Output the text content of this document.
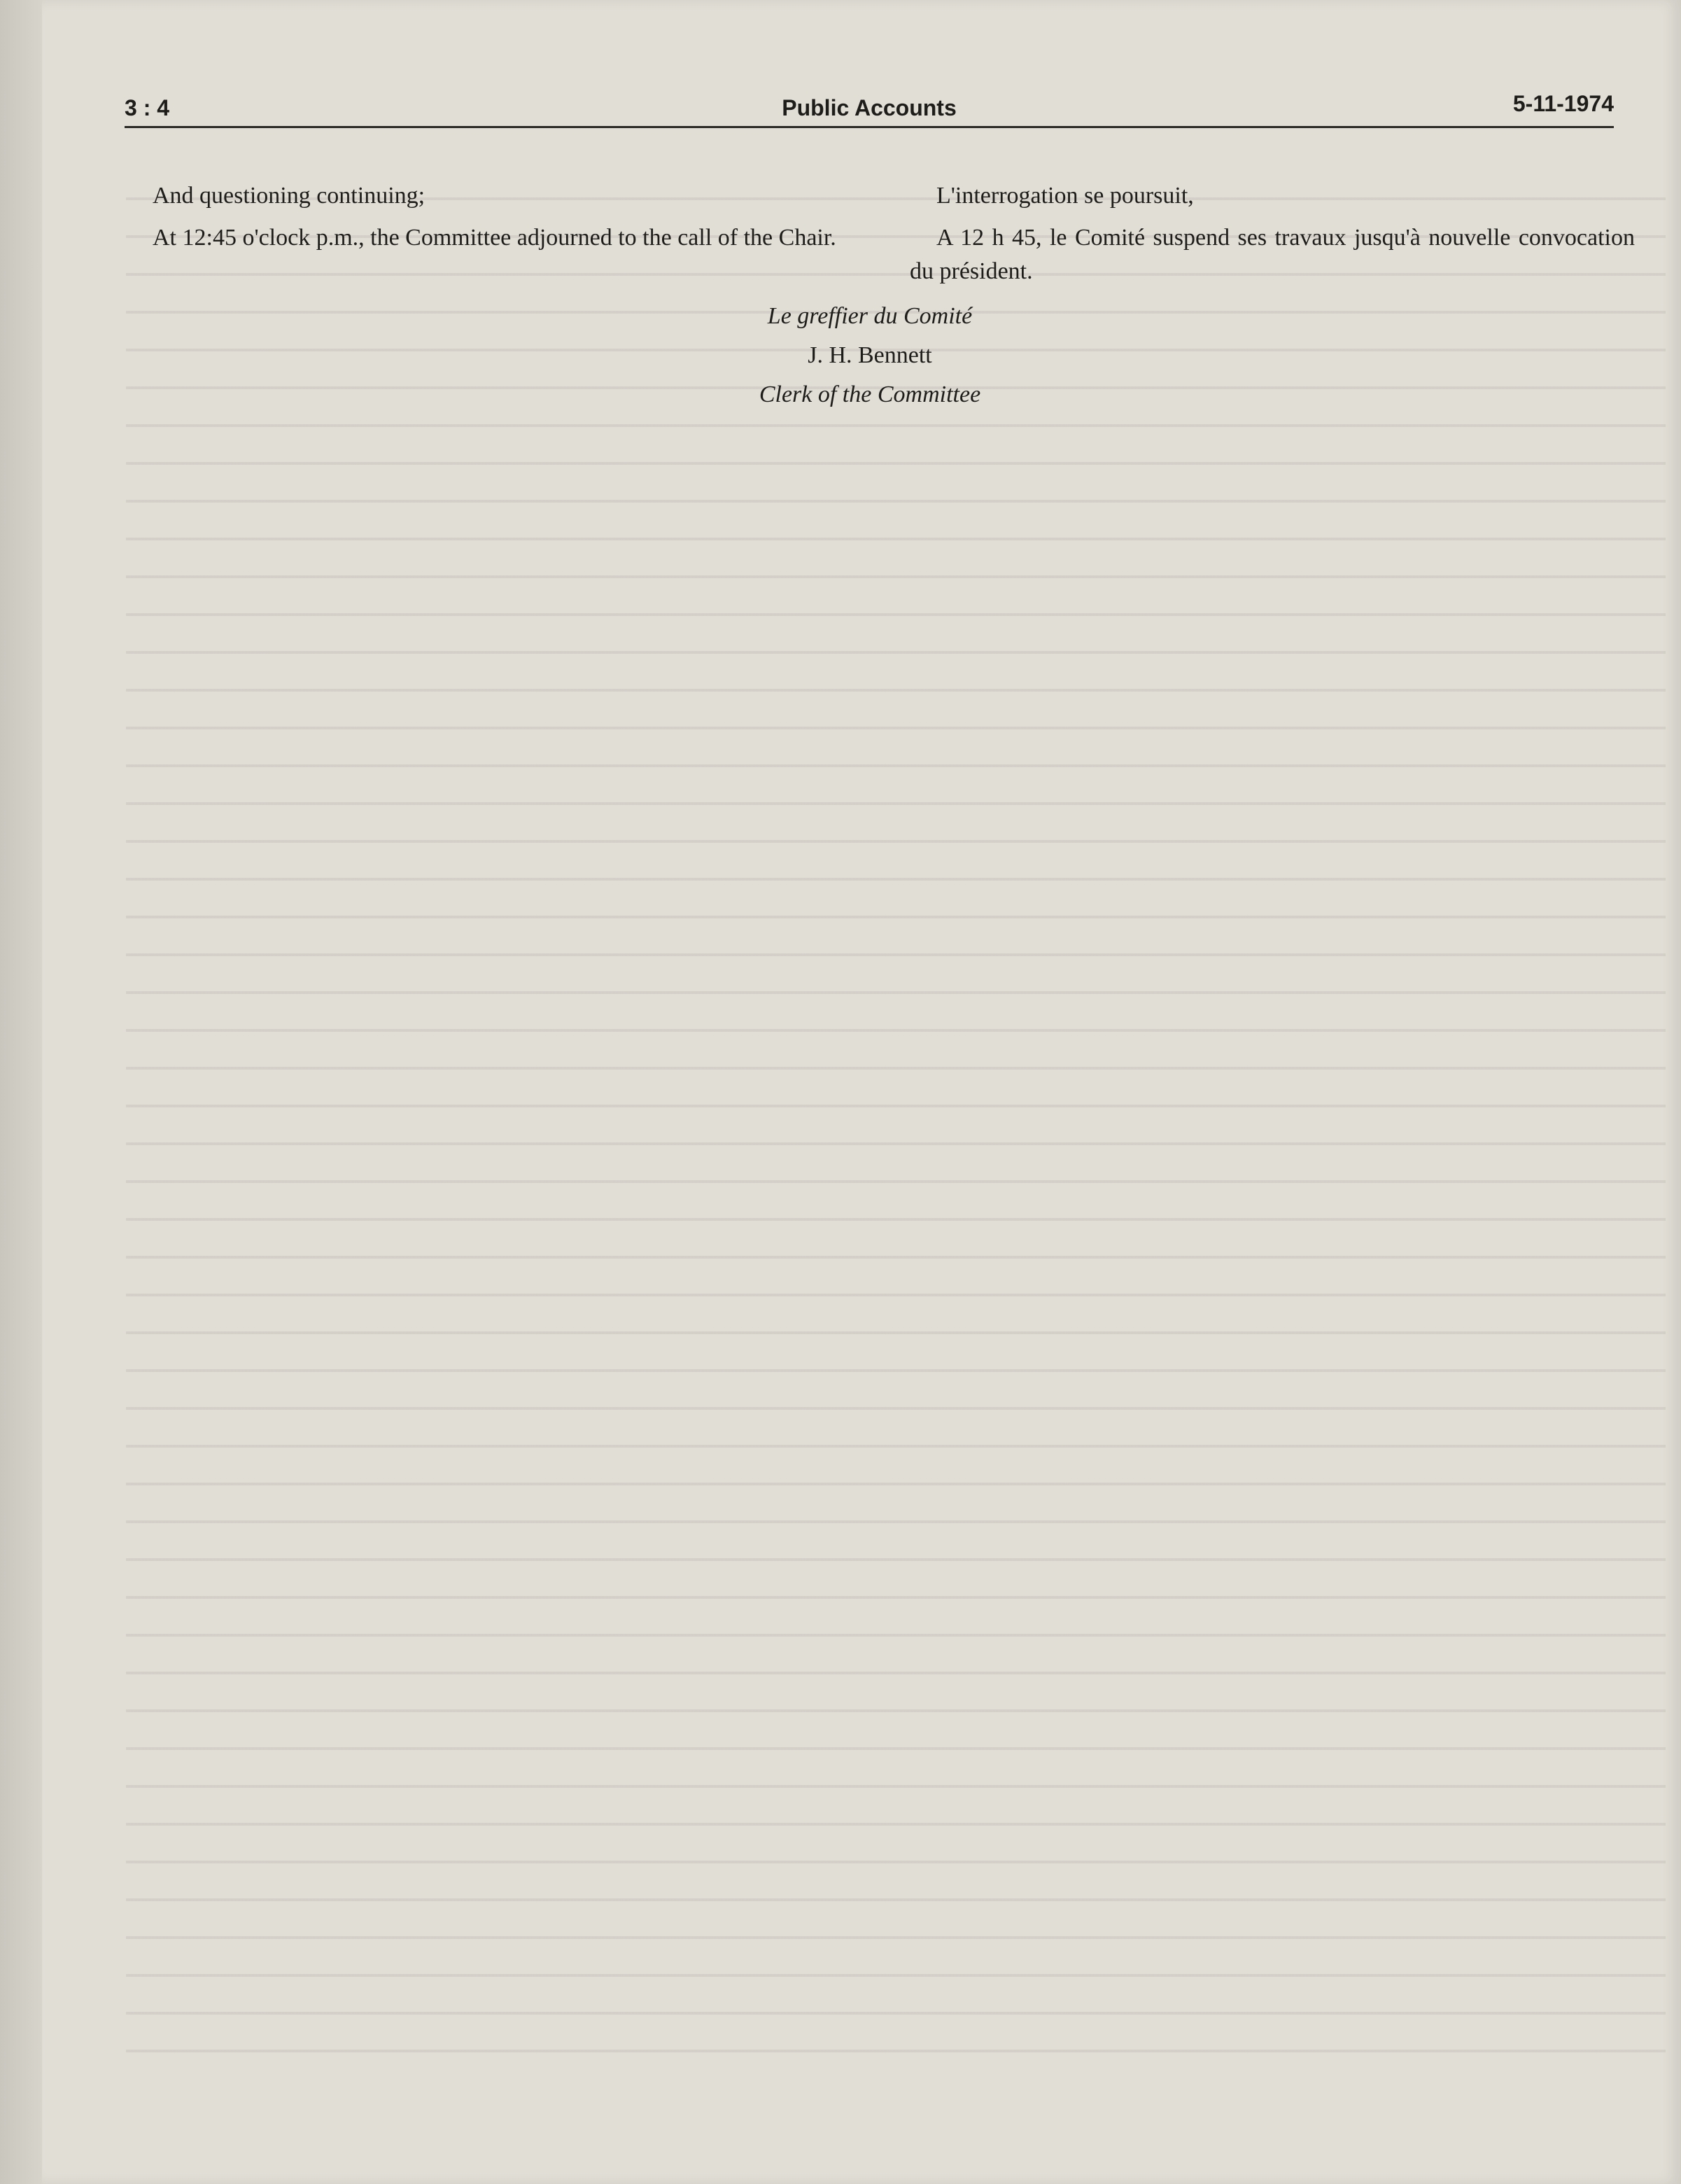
3 : 4	Public Accounts	5-11-1974

And questioning continuing;

At 12:45 o'clock p.m., the Committee adjourned to the call of the Chair.

L'interrogation se poursuit,

A 12 h 45, le Comité suspend ses travaux jusqu'à nouvelle convocation du président.

Le greffier du Comité
J. H. Bennett
Clerk of the Committee
